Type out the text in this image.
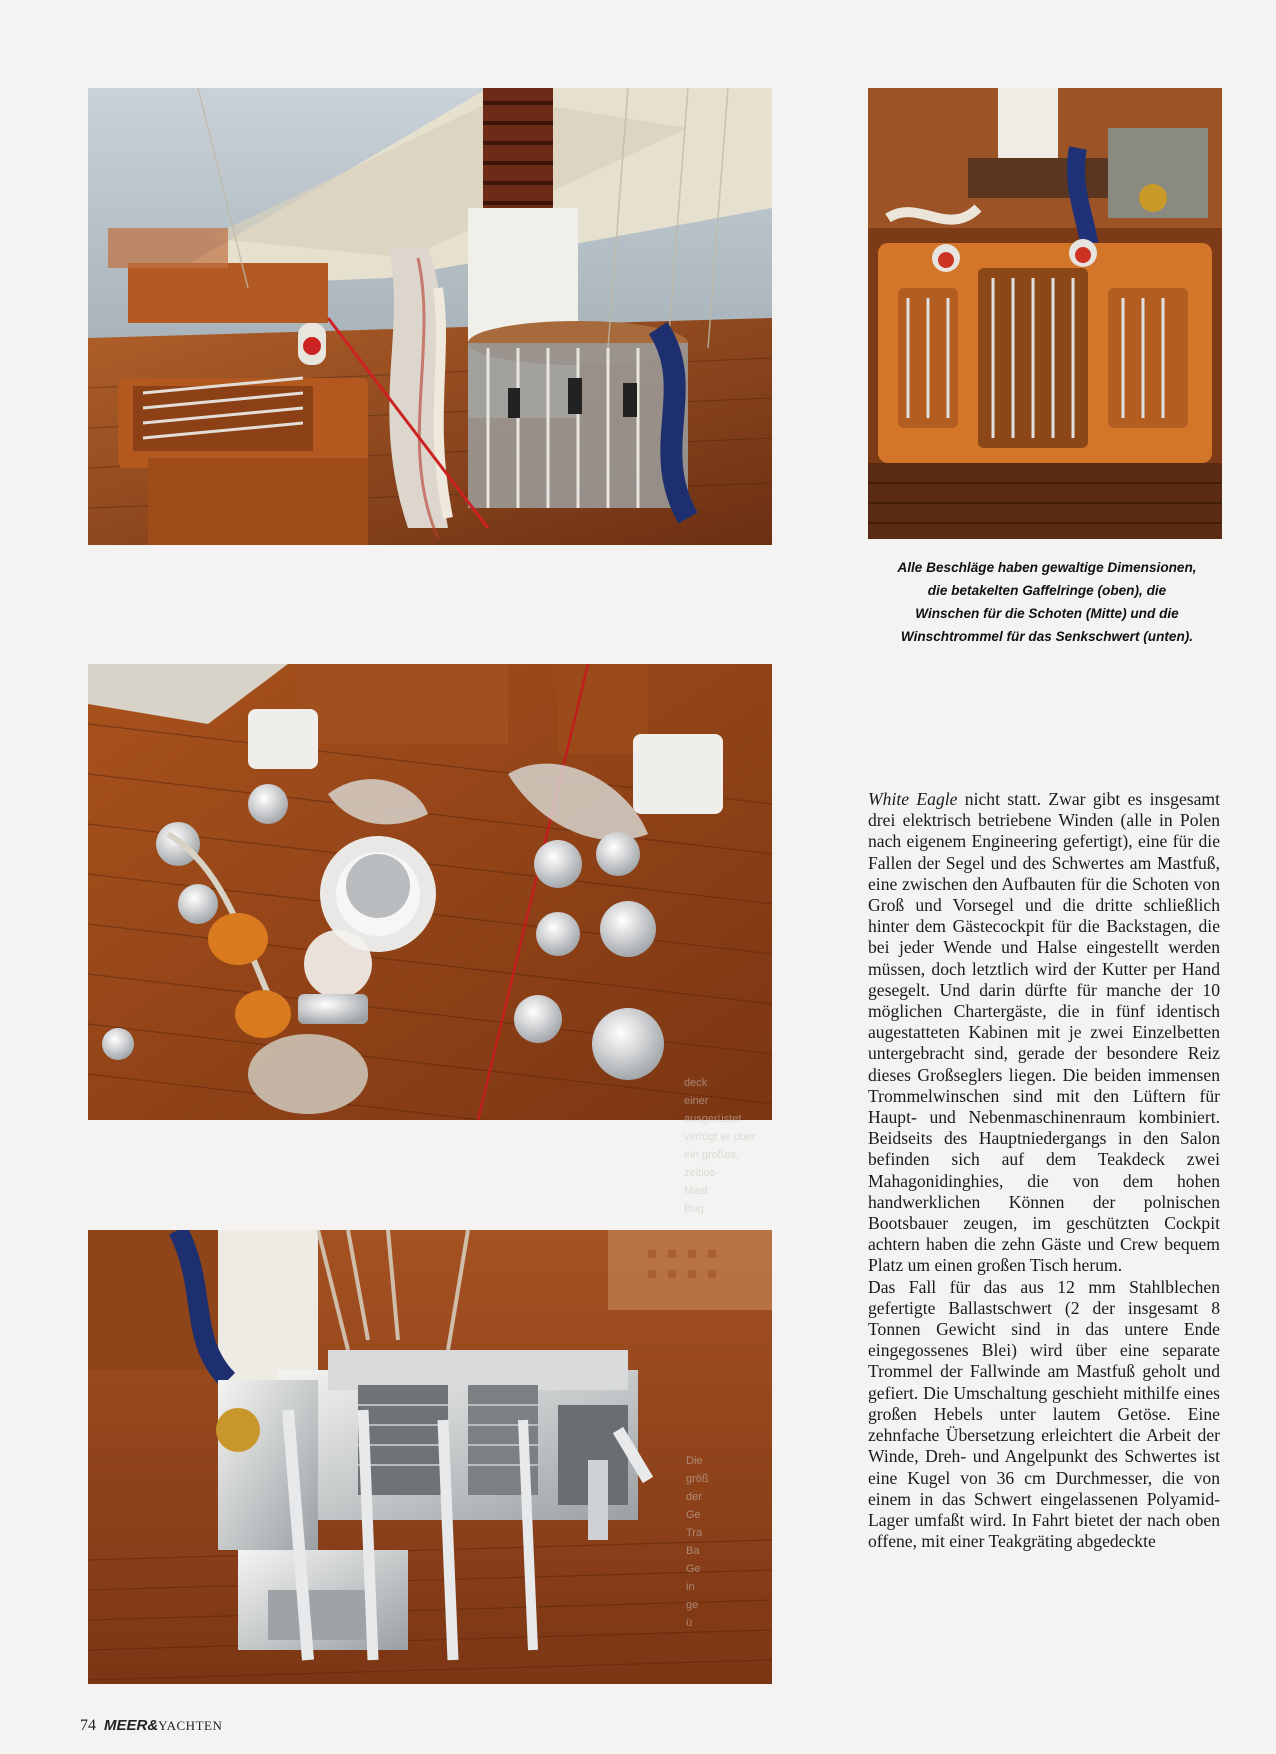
Alle Beschläge haben gewaltige Dimensionen,
die betakelten Gaffelringe (oben), die
Winschen für die Schoten (Mitte) und die
Winschtrommel für das Senkschwert (unten).
deck
einer
ausgerüstet
verfügt er über
ein großes,
zeitlos-
Mast
Bug

White Eagle nicht statt. Zwar gibt es insgesamt drei elektrisch betriebene Winden (alle in Polen nach eigenem Engineering gefertigt), eine für die Fallen der Segel und des Schwertes am Mastfuß, eine zwischen den Aufbauten für die Schoten von Groß und Vorsegel und die dritte schließlich hinter dem Gästecockpit für die Backstagen, die bei jeder Wende und Halse eingestellt werden müssen, doch letztlich wird der Kutter per Hand gesegelt. Und darin dürfte für manche der 10 möglichen Chartergäste, die in fünf identisch augestatteten Kabinen mit je zwei Einzelbetten untergebracht sind, gerade der besondere Reiz dieses Großseglers liegen. Die beiden immensen Trommelwinschen sind mit den Lüftern für Haupt- und Nebenmaschinenraum kombiniert. Beidseits des Hauptniedergangs in den Salon befinden sich auf dem Teakdeck zwei Mahagonidinghies, die von dem hohen handwerklichen Können der polnischen Bootsbauer zeugen, im geschützten Cockpit achtern haben die zehn Gäste und Crew bequem Platz um einen großen Tisch herum.

Das Fall für das aus 12 mm Stahlblechen gefertigte Ballastschwert (2 der insgesamt 8 Tonnen Gewicht sind in das untere Ende eingegossenes Blei) wird über eine separate Trommel der Fallwinde am Mastfuß geholt und gefiert. Die Umschaltung geschieht mithilfe eines großen Hebels unter lautem Getöse. Eine zehnfache Übersetzung erleichtert die Arbeit der Winde, Dreh- und Angelpunkt des Schwertes ist eine Kugel von 36 cm Durchmesser, die von einem in das Schwert eingelassenen Polyamid-Lager umfaßt wird. In Fahrt bietet der nach oben offene, mit einer Teakgräting abgedeckte

Die
größ
der
Ge
Tra
Ba
Ge
in
ge
ü
74 MEER&YACHTEN
